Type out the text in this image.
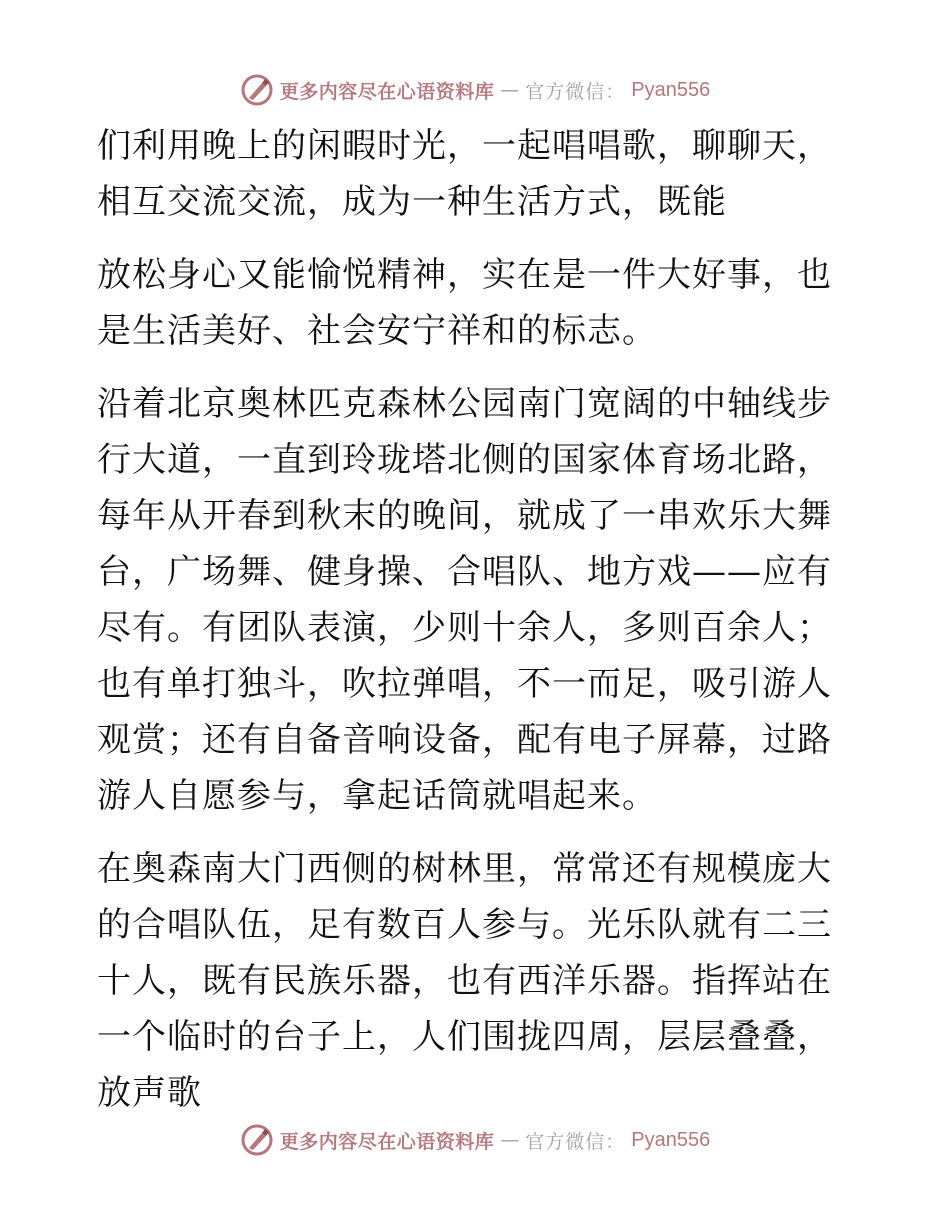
更多内容尽在心语资料库 — 官方微信： Pyan556

们利用晚上的闲暇时光，一起唱唱歌，聊聊天，相互交流交流，成为一种生活方式，既能

放松身心又能愉悦精神，实在是一件大好事，也是生活美好、社会安宁祥和的标志。

沿着北京奥林匹克森林公园南门宽阔的中轴线步行大道，一直到玲珑塔北侧的国家体育场北路，每年从开春到秋末的晚间，就成了一串欢乐大舞台，广场舞、健身操、合唱队、地方戏——应有尽有。有团队表演，少则十余人，多则百余人；也有单打独斗，吹拉弹唱，不一而足，吸引游人观赏；还有自备音响设备，配有电子屏幕，过路游人自愿参与，拿起话筒就唱起来。

在奥森南大门西侧的树林里，常常还有规模庞大的合唱队伍，足有数百人参与。光乐队就有二三十人，既有民族乐器，也有西洋乐器。指挥站在一个临时的台子上，人们围拢四周，层层叠叠，放声歌

更多内容尽在心语资料库 — 官方微信： Pyan556
